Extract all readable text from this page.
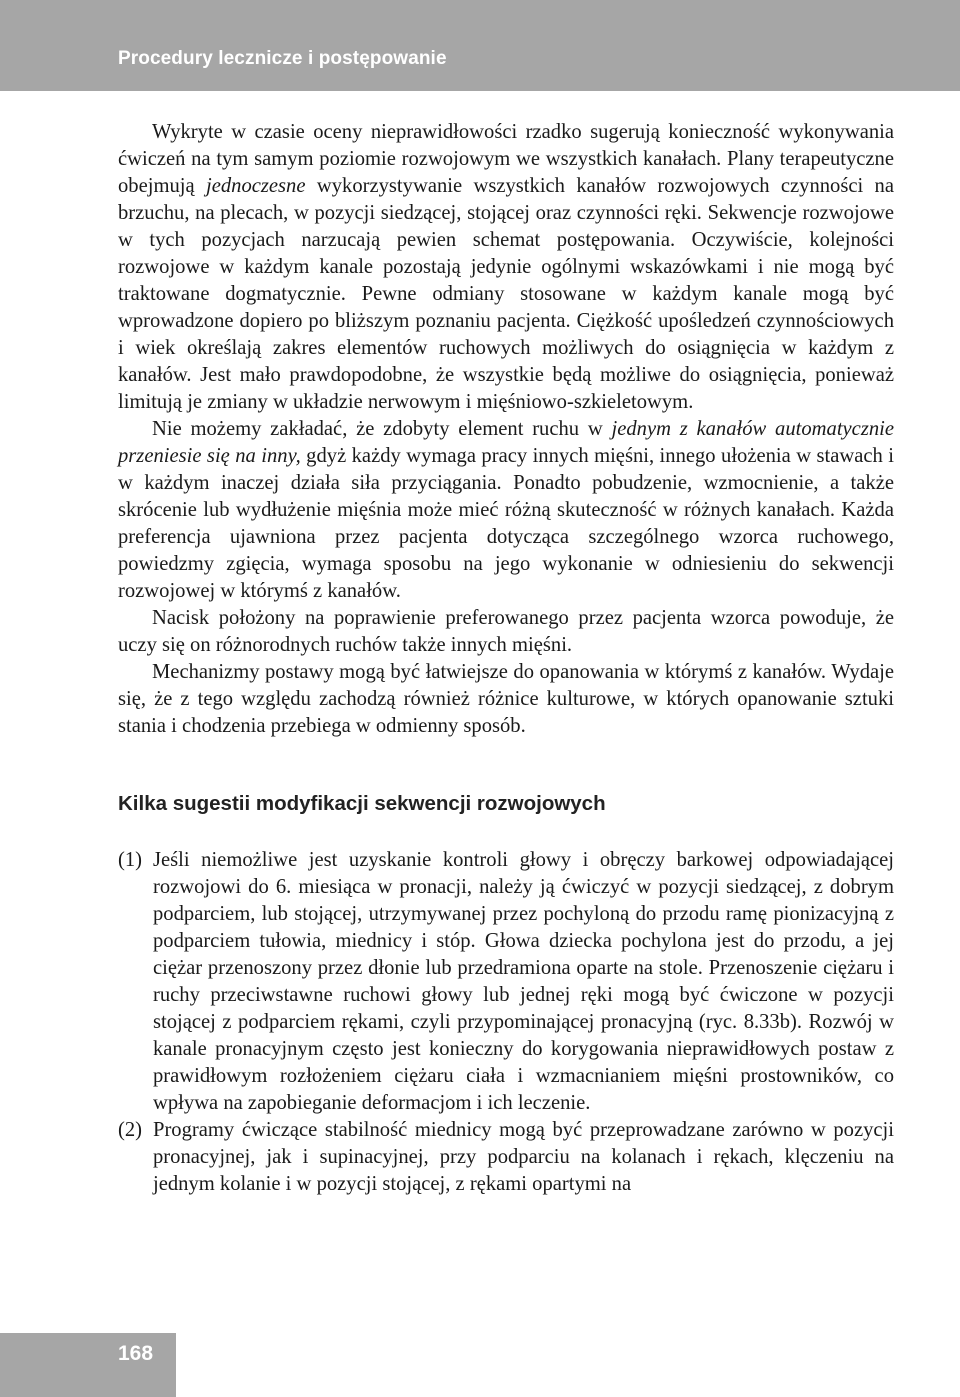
Procedury lecznicze i postępowanie

Wykryte w czasie oceny nieprawidłowości rzadko sugerują konieczność wykonywania ćwiczeń na tym samym poziomie rozwojowym we wszystkich kanałach. Plany terapeutyczne obejmują jednoczesne wykorzystywanie wszystkich kanałów rozwojowych czynności na brzuchu, na plecach, w pozycji siedzącej, stojącej oraz czynności ręki. Sekwencje rozwojowe w tych pozycjach narzucają pewien schemat postępowania. Oczywiście, kolejności rozwojowe w każdym kanale pozostają jedynie ogólnymi wskazówkami i nie mogą być traktowane dogmatycznie. Pewne odmiany stosowane w każdym kanale mogą być wprowadzone dopiero po bliższym poznaniu pacjenta. Ciężkość upośledzeń czynnościowych i wiek określają zakres elementów ruchowych możliwych do osiągnięcia w każdym z kanałów. Jest mało prawdopodobne, że wszystkie będą możliwe do osiągnięcia, ponieważ limitują je zmiany w układzie nerwowym i mięśniowo-szkieletowym.

Nie możemy zakładać, że zdobyty element ruchu w jednym z kanałów automatycznie przeniesie się na inny, gdyż każdy wymaga pracy innych mięśni, innego ułożenia w stawach i w każdym inaczej działa siła przyciągania. Ponadto pobudzenie, wzmocnienie, a także skrócenie lub wydłużenie mięśnia może mieć różną skuteczność w różnych kanałach. Każda preferencja ujawniona przez pacjenta dotycząca szczególnego wzorca ruchowego, powiedzmy zgięcia, wymaga sposobu na jego wykonanie w odniesieniu do sekwencji rozwojowej w którymś z kanałów.

Nacisk położony na poprawienie preferowanego przez pacjenta wzorca powoduje, że uczy się on różnorodnych ruchów także innych mięśni.

Mechanizmy postawy mogą być łatwiejsze do opanowania w którymś z kanałów. Wydaje się, że z tego względu zachodzą również różnice kulturowe, w których opanowanie sztuki stania i chodzenia przebiega w odmienny sposób.

Kilka sugestii modyfikacji sekwencji rozwojowych

(1) Jeśli niemożliwe jest uzyskanie kontroli głowy i obręczy barkowej odpowiadającej rozwojowi do 6. miesiąca w pronacji, należy ją ćwiczyć w pozycji siedzącej, z dobrym podparciem, lub stojącej, utrzymywanej przez pochyloną do przodu ramę pionizacyjną z podparciem tułowia, miednicy i stóp. Głowa dziecka pochylona jest do przodu, a jej ciężar przenoszony przez dłonie lub przedramiona oparte na stole. Przenoszenie ciężaru i ruchy przeciwstawne ruchowi głowy lub jednej ręki mogą być ćwiczone w pozycji stojącej z podparciem rękami, czyli przypominającej pronacyjną (ryc. 8.33b). Rozwój w kanale pronacyjnym często jest konieczny do korygowania nieprawidłowych postaw z prawidłowym rozłożeniem ciężaru ciała i wzmacnianiem mięśni prostowników, co wpływa na zapobieganie deformacjom i ich leczenie.

(2) Programy ćwiczące stabilność miednicy mogą być przeprowadzane zarówno w pozycji pronacyjnej, jak i supinacyjnej, przy podparciu na kolanach i rękach, klęczeniu na jednym kolanie i w pozycji stojącej, z rękami opartymi na

168
